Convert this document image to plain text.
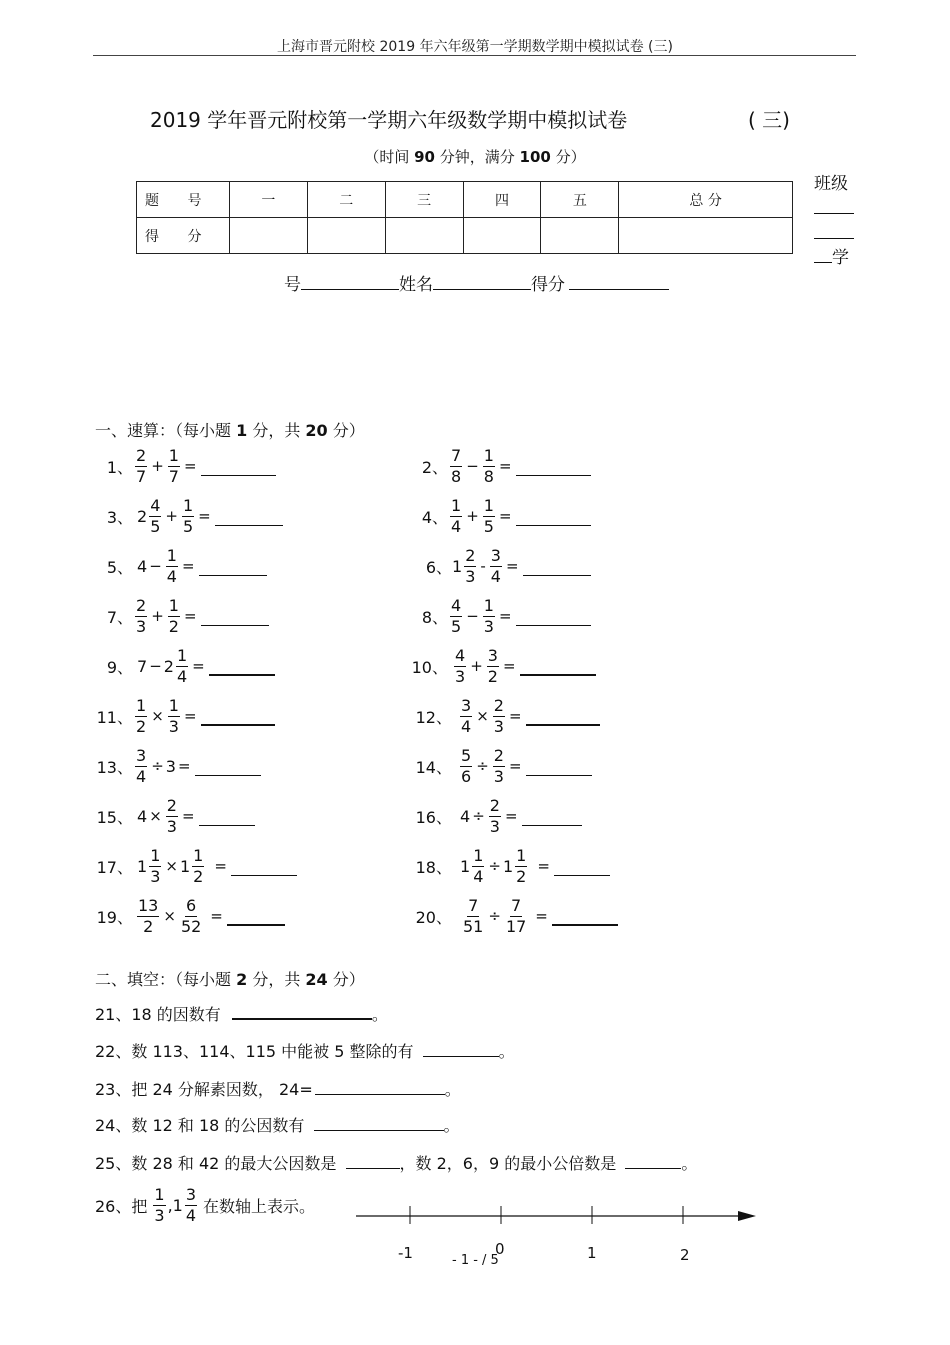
上海市晋元附校 2019 年六年级第一学期数学期中模拟试卷 (三)
2019 学年晋元附校第一学期六年级数学期中模拟试卷	( 三)
（时间 90 分钟，满分 100 分）
题 号	一	二	三	四	五	总 分
得 分						
班级
学
号	姓名	得分
一、速算：（每小题 1 分，共 20 分）
1、 $\frac{2}{7} + \frac{1}{7}$ =	2、 $\frac{7}{8} - \frac{1}{8}$ =
3、 $2 \frac{4}{5} + \frac{1}{5}$ =	4、 $\frac{1}{4} + \frac{1}{5}$ =
5、 $4 - \frac{1}{4}$ =	6、 $1 \frac{2}{3} - \frac{3}{4}$ =
7、 $\frac{2}{3} + \frac{1}{2}$ =	8、 $\frac{4}{5} - \frac{1}{3}$ =
9、 $7 - 2 \frac{1}{4}$ =	10、 $\frac{4}{3} + \frac{3}{2}$ =
11、 $\frac{1}{2} \times \frac{1}{3}$ =	12、 $\frac{3}{4} \times \frac{2}{3}$ =
13、 $\frac{3}{4} \div 3$ =	14、 $\frac{5}{6} \div \frac{2}{3}$ =
15、 $4 \times \frac{2}{3}$ =	16、 $4 \div \frac{2}{3}$ =
17、 $1 \frac{1}{3} \times 1 \frac{1}{2}$ =	18、 $1 \frac{1}{4} \div 1 \frac{1}{2}$ =
19、 $\frac{13}{2} \times \frac{6}{52}$ =	20、 $\frac{7}{51} \div \frac{7}{17}$ =
二、填空：（每小题 2 分，共 24 分）
21、18 的因数有	。
22、数 113、114、115 中能被 5 整除的有	。
23、把 24 分解素因数， 24=	。
24、数 12 和 18 的公因数有	。
25、数 28 和 42 的最大公因数是	，数 2，6，9 的最小公倍数是	。
26、把 $\frac{1}{3} ,1 \frac{3}{4}$ 在数轴上表示。
-1	0	1	2
- 1 - / 5
